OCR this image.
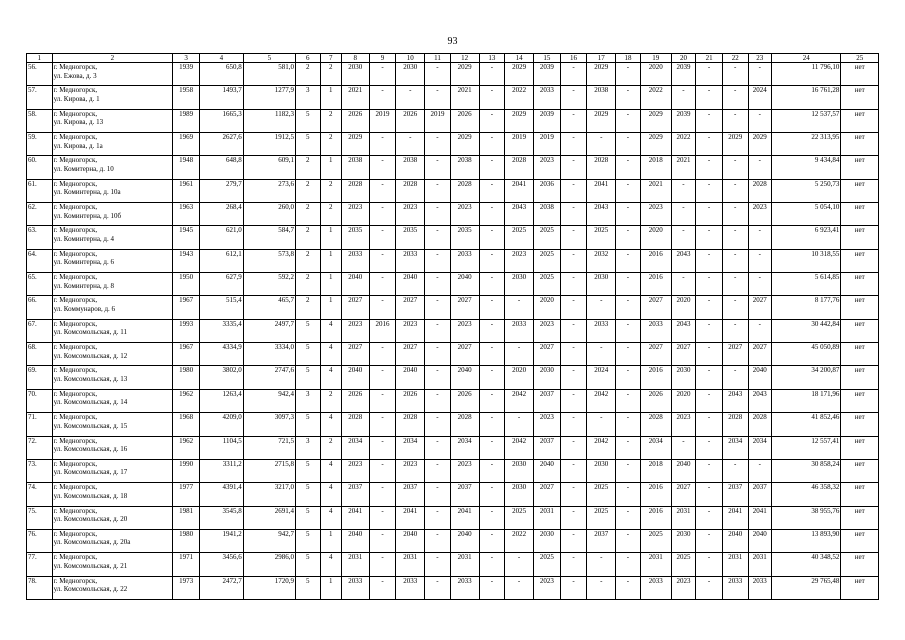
93
1	2	3	4	5	6	7	8	9	10	11	12	13	14	15	16	17	18	19	20	21	22	23	24	25
56.	г. Медногорск,
ул. Ежова, д. 3	1939	650,8	581,0	2	2	2030	-	2030	-	2029	-	2029	2039	-	2029	-	2020	2039	-	-	-	11 796,10	нет
57.	г. Медногорск,
ул. Кирова, д. 1	1958	1493,7	1277,9	3	1	2021	-	-	-	2021	-	2022	2033	-	2038	-	2022	-	-	-	2024	16 761,28	нет
58.	г. Медногорск,
ул. Кирова, д. 13	1989	1665,3	1182,3	5	2	2026	2019	2026	2019	2026	-	2029	2039	-	2029	-	2029	2039	-	-	-	12 537,57	нет
59.	г. Медногорск,
ул. Кирова, д. 1а	1969	2627,6	1912,5	5	2	2029	-	-	-	2029	-	2019	2019	-	-	-	2029	2022	-	2029	2029	22 313,95	нет
60.	г. Медногорск,
ул. Комитерна, д. 10	1948	648,8	609,1	2	1	2038	-	2038	-	2038	-	2028	2023	-	2028	-	2018	2021	-	-	-	9 434,84	нет
61.	г. Медногорск,
ул. Коминтерна, д. 10а	1961	279,7	273,6	2	2	2028	-	2028	-	2028	-	2041	2036	-	2041	-	2021	-	-	-	2028	5 250,73	нет
62.	г. Медногорск,
ул. Коминтерна, д. 10б	1963	268,4	260,0	2	2	2023	-	2023	-	2023	-	2043	2038	-	2043	-	2023	-	-	-	2023	5 054,10	нет
63.	г. Медногорск,
ул. Коминтерна, д. 4	1945	621,0	584,7	2	1	2035	-	2035	-	2035	-	2025	2025	-	2025	-	2020	-	-	-	-	6 923,41	нет
64.	г. Медногорск,
ул. Коминтерна, д. 6	1943	612,1	573,8	2	1	2033	-	2033	-	2033	-	2023	2025	-	2032	-	2016	2043	-	-	-	10 318,55	нет
65.	г. Медногорск,
ул. Коминтерна, д. 8	1950	627,9	592,2	2	1	2040	-	2040	-	2040	-	2030	2025	-	2030	-	2016	-	-	-	-	5 614,85	нет
66.	г. Медногорск,
ул. Коммунаров, д. 6	1967	515,4	465,7	2	1	2027	-	2027	-	2027	-	-	2020	-	-	-	2027	2020	-	-	2027	8 177,76	нет
67.	г. Медногорск,
ул. Комсомольская, д. 11	1993	3335,4	2497,7	5	4	2023	2016	2023	-	2023	-	2033	2023	-	2033	-	2033	2043	-	-	-	30 442,84	нет
68.	г. Медногорск,
ул. Комсомольская, д. 12	1967	4334,9	3334,0	5	4	2027	-	2027	-	2027	-	-	2027	-	-	-	2027	2027	-	2027	2027	45 050,89	нет
69.	г. Медногорск,
ул. Комсомольская, д. 13	1980	3802,0	2747,6	5	4	2040	-	2040	-	2040	-	2020	2030	-	2024	-	2016	2030	-	-	2040	34 200,87	нет
70.	г. Медногорск,
ул. Комсомольская, д. 14	1962	1263,4	942,4	3	2	2026	-	2026	-	2026	-	2042	2037	-	2042	-	2026	2020	-	2043	2043	18 171,96	нет
71.	г. Медногорск,
ул. Комсомольская, д. 15	1968	4209,0	3097,3	5	4	2028	-	2028	-	2028	-	-	2023	-	-	-	2028	2023	-	2028	2028	41 852,46	нет
72.	г. Медногорск,
ул. Комсомольская, д. 16	1962	1104,5	721,5	3	2	2034	-	2034	-	2034	-	2042	2037	-	2042	-	2034	-	-	2034	2034	12 557,41	нет
73.	г. Медногорск,
ул. Комсомольская, д. 17	1990	3311,2	2715,8	5	4	2023	-	2023	-	2023	-	2030	2040	-	2030	-	2018	2040	-	-	-	30 858,24	нет
74.	г. Медногорск,
ул. Комсомольская, д. 18	1977	4391,4	3217,0	5	4	2037	-	2037	-	2037	-	2030	2027	-	2025	-	2016	2027	-	2037	2037	46 358,32	нет
75.	г. Медногорск,
ул. Комсомольская, д. 20	1981	3545,8	2691,4	5	4	2041	-	2041	-	2041	-	2025	2031	-	2025	-	2016	2031	-	2041	2041	38 955,76	нет
76.	г. Медногорск,
ул. Комсомольская, д. 20а	1980	1941,2	942,7	5	1	2040	-	2040	-	2040	-	2022	2030	-	2037	-	2025	2030	-	2040	2040	13 893,90	нет
77.	г. Медногорск,
ул. Комсомольская, д. 21	1971	3456,6	2986,0	5	4	2031	-	2031	-	2031	-	-	2025	-	-	-	2031	2025	-	2031	2031	40 348,52	нет
78.	г. Медногорск,
ул. Комсомольская, д. 22	1973	2472,7	1720,9	5	1	2033	-	2033	-	2033	-	-	2023	-	-	-	2033	2023	-	2033	2033	29 765,48	нет
